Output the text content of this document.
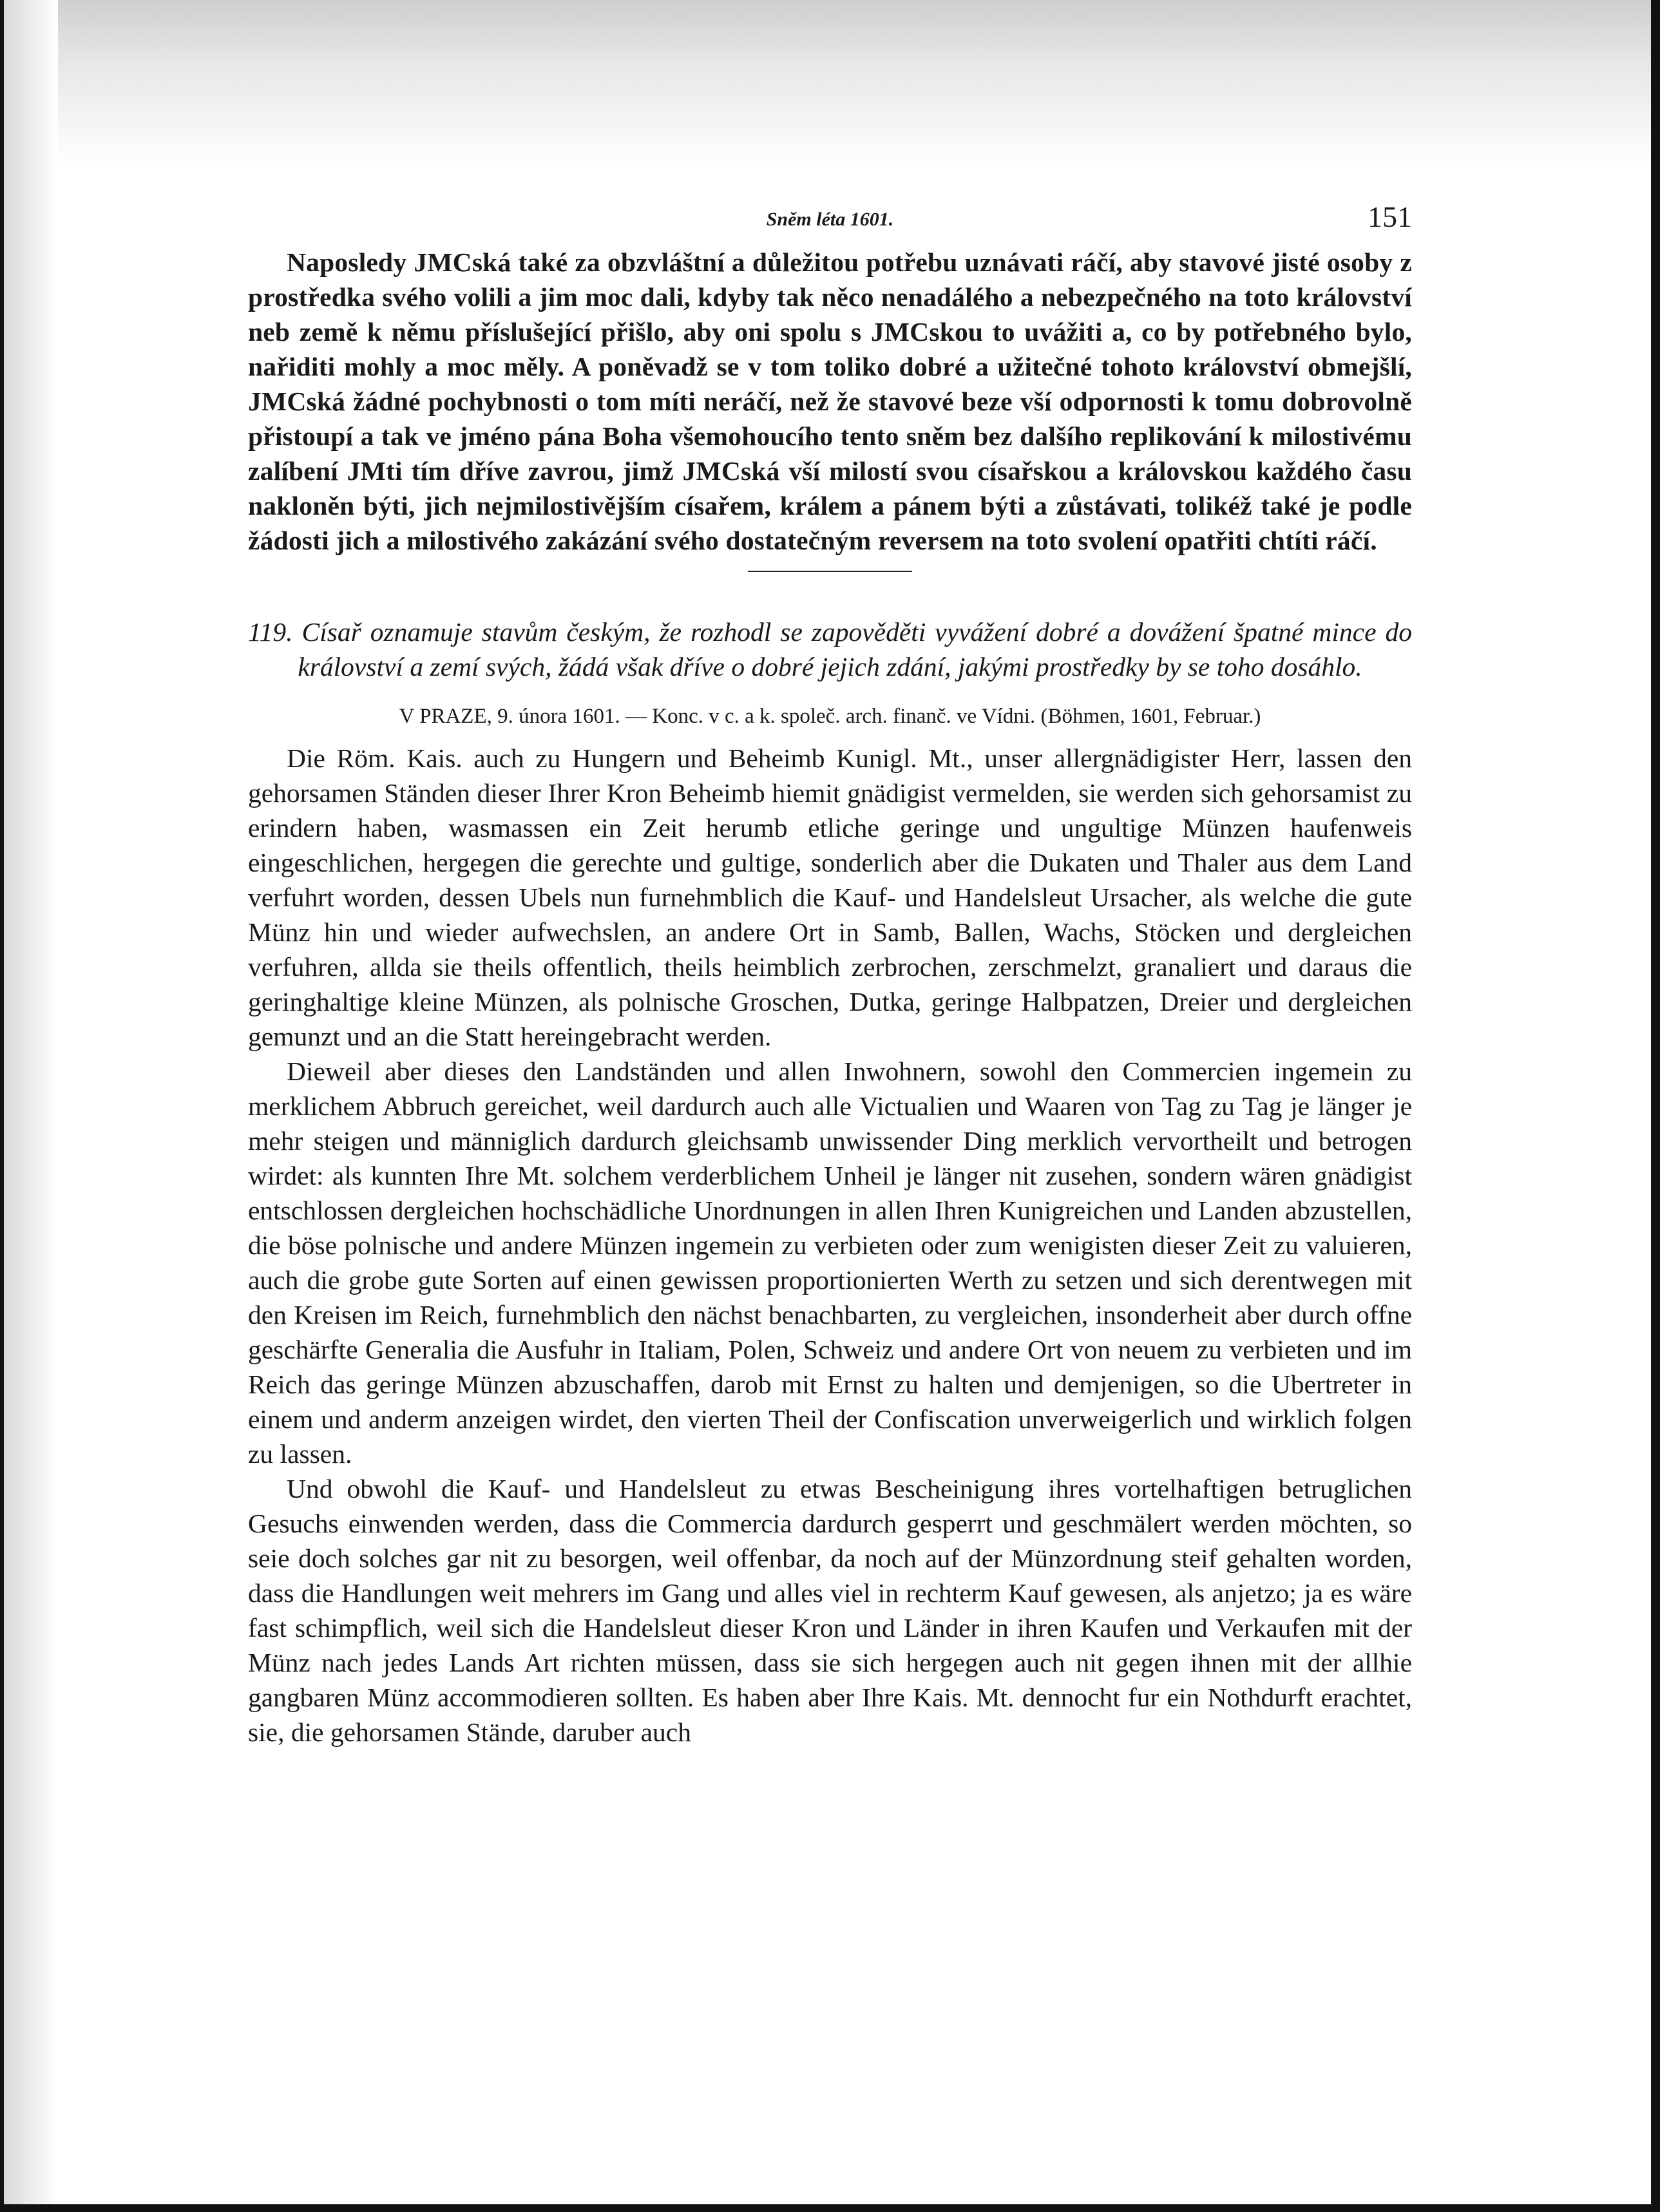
Sněm léta 1601.	151

Naposledy JMCská také za obzvláštní a důležitou potřebu uznávati ráčí, aby stavové jisté osoby z prostředka svého volili a jim moc dali, kdyby tak něco nenadálého a nebezpečného na toto království neb země k němu příslušející přišlo, aby oni spolu s JMCskou to uvážiti a, co by potřebného bylo, nařiditi mohly a moc měly. A poněvadž se v tom toliko dobré a užitečné tohoto království obmejšlí, JMCská žádné pochybnosti o tom míti neráčí, než že stavové beze vší odpornosti k tomu dobrovolně přistoupí a tak ve jméno pána Boha všemohoucího tento sněm bez dalšího replikování k milostivému zalíbení JMti tím dříve zavrou, jimž JMCská vší milostí svou císařskou a královskou každého času nakloněn býti, jich nejmilostivějším císařem, králem a pánem býti a zůstávati, tolikéž také je podle žádosti jich a milostivého zakázání svého dostatečným reversem na toto svolení opatřiti chtíti ráčí.

119. Císař oznamuje stavům českým, že rozhodl se zapověděti vyvážení dobré a dovážení špatné mince do království a zemí svých, žádá však dříve o dobré jejich zdání, jakými prostředky by se toho dosáhlo.

V PRAZE, 9. února 1601. — Konc. v c. a k. společ. arch. finanč. ve Vídni. (Böhmen, 1601, Februar.)

Die Röm. Kais. auch zu Hungern und Beheimb Kunigl. Mt., unser allergnädigister Herr, lassen den gehorsamen Ständen dieser Ihrer Kron Beheimb hiemit gnädigist vermelden, sie werden sich gehorsamist zu erindern haben, wasmassen ein Zeit herumb etliche geringe und ungultige Münzen haufenweis eingeschlichen, hergegen die gerechte und gultige, sonderlich aber die Dukaten und Thaler aus dem Land verfuhrt worden, dessen Ubels nun furnehmblich die Kauf- und Handelsleut Ursacher, als welche die gute Münz hin und wieder aufwechslen, an andere Ort in Samb, Ballen, Wachs, Stöcken und dergleichen verfuhren, allda sie theils offentlich, theils heimblich zerbrochen, zerschmelzt, granaliert und daraus die geringhaltige kleine Münzen, als polnische Groschen, Dutka, geringe Halbpatzen, Dreier und dergleichen gemunzt und an die Statt hereingebracht werden.

Dieweil aber dieses den Landständen und allen Inwohnern, sowohl den Commercien ingemein zu merklichem Abbruch gereichet, weil dardurch auch alle Victualien und Waaren von Tag zu Tag je länger je mehr steigen und männiglich dardurch gleichsamb unwissender Ding merklich vervortheilt und betrogen wirdet: als kunnten Ihre Mt. solchem verderblichem Unheil je länger nit zusehen, sondern wären gnädigist entschlossen dergleichen hochschädliche Unordnungen in allen Ihren Kunigreichen und Landen abzustellen, die böse polnische und andere Münzen ingemein zu verbieten oder zum wenigisten dieser Zeit zu valuieren, auch die grobe gute Sorten auf einen gewissen proportionierten Werth zu setzen und sich derentwegen mit den Kreisen im Reich, furnehmblich den nächst benachbarten, zu vergleichen, insonderheit aber durch offne geschärfte Generalia die Ausfuhr in Italiam, Polen, Schweiz und andere Ort von neuem zu verbieten und im Reich das geringe Münzen abzuschaffen, darob mit Ernst zu halten und demjenigen, so die Ubertreter in einem und anderm anzeigen wirdet, den vierten Theil der Confiscation unverweigerlich und wirklich folgen zu lassen.

Und obwohl die Kauf- und Handelsleut zu etwas Bescheinigung ihres vortelhaftigen betruglichen Gesuchs einwenden werden, dass die Commercia dardurch gesperrt und geschmälert werden möchten, so seie doch solches gar nit zu besorgen, weil offenbar, da noch auf der Münzordnung steif gehalten worden, dass die Handlungen weit mehrers im Gang und alles viel in rechterm Kauf gewesen, als anjetzo; ja es wäre fast schimpflich, weil sich die Handelsleut dieser Kron und Länder in ihren Kaufen und Verkaufen mit der Münz nach jedes Lands Art richten müssen, dass sie sich hergegen auch nit gegen ihnen mit der allhie gangbaren Münz accommodieren sollten. Es haben aber Ihre Kais. Mt. dennocht fur ein Nothdurft erachtet, sie, die gehorsamen Stände, daruber auch
